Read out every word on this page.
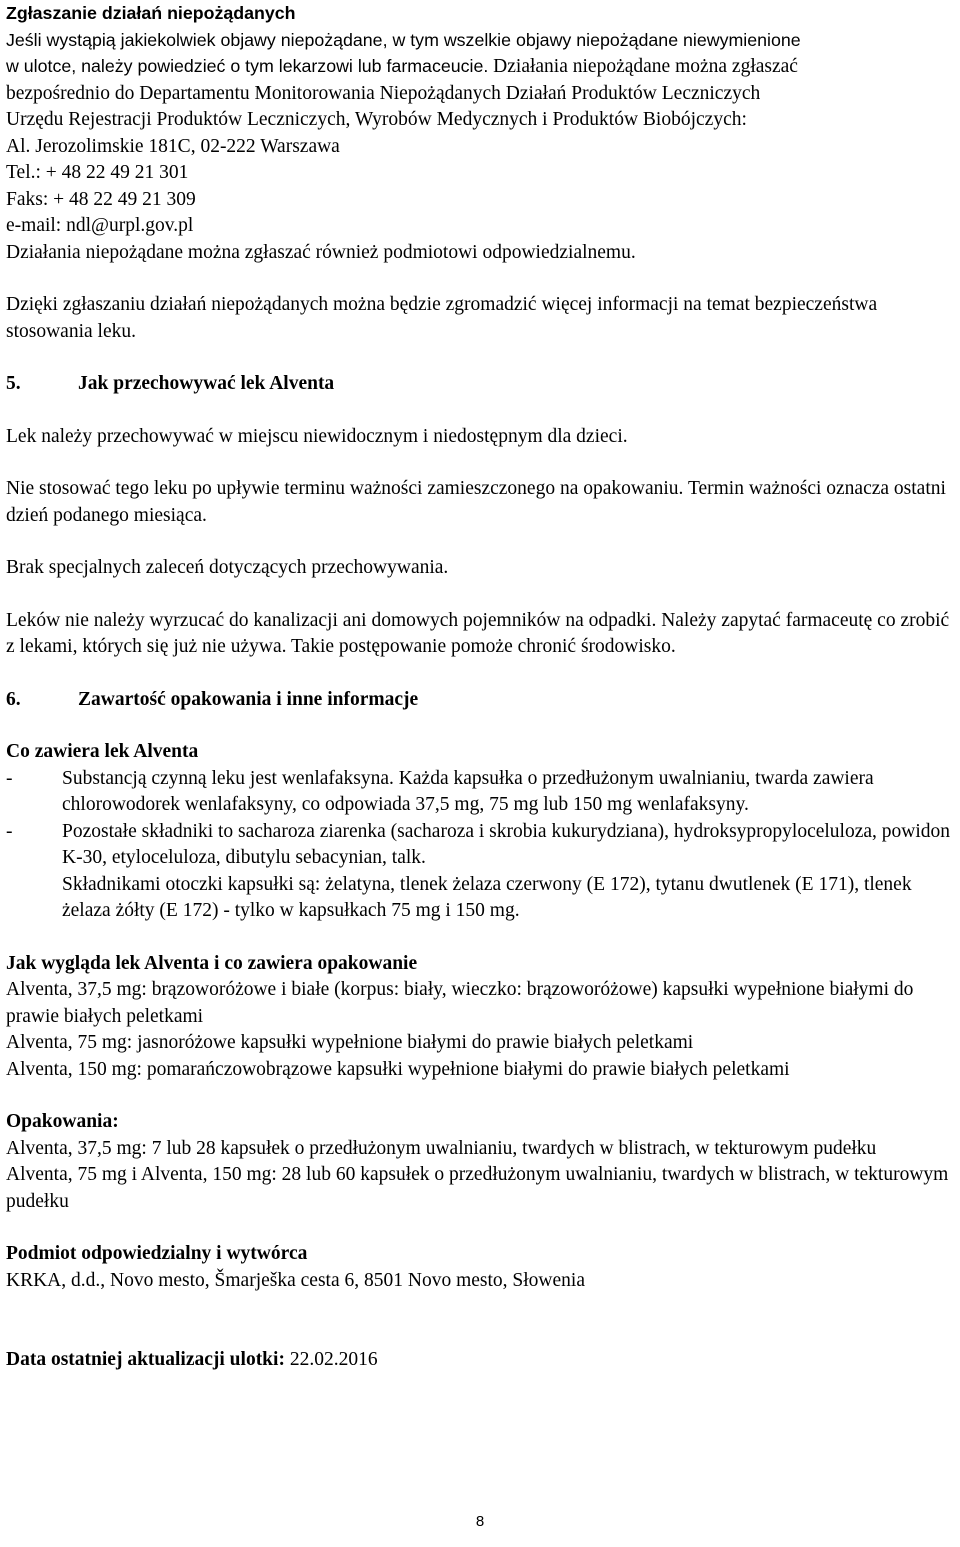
Zgłaszanie działań niepożądanych

Jeśli wystąpią jakiekolwiek objawy niepożądane, w tym wszelkie objawy niepożądane niewymienione

w ulotce, należy powiedzieć o tym lekarzowi lub farmaceucie. Działania niepożądane można zgłaszać

bezpośrednio do Departamentu Monitorowania Niepożądanych Działań Produktów Leczniczych

Urzędu Rejestracji Produktów Leczniczych, Wyrobów Medycznych i Produktów Biobójczych:

Al. Jerozolimskie 181C, 02-222 Warszawa

Tel.: + 48 22 49 21 301

Faks: + 48 22 49 21 309

e-mail: ndl@urpl.gov.pl

Działania niepożądane można zgłaszać również podmiotowi odpowiedzialnemu.

Dzięki zgłaszaniu działań niepożądanych można będzie zgromadzić więcej informacji na temat bezpieczeństwa stosowania leku.

5.	Jak przechowywać lek Alventa

Lek należy przechowywać w miejscu niewidocznym i niedostępnym dla dzieci.

Nie stosować tego leku po upływie terminu ważności zamieszczonego na opakowaniu. Termin ważności oznacza ostatni dzień podanego miesiąca.

Brak specjalnych zaleceń dotyczących przechowywania.

Leków nie należy wyrzucać do kanalizacji ani domowych pojemników na odpadki. Należy zapytać farmaceutę co zrobić z lekami, których się już nie używa. Takie postępowanie pomoże chronić środowisko.

6.	Zawartość opakowania i inne informacje

Co zawiera lek Alventa

-	Substancją czynną leku jest wenlafaksyna. Każda kapsułka o przedłużonym uwalnianiu, twarda zawiera chlorowodorek wenlafaksyny, co odpowiada 37,5 mg, 75 mg lub 150 mg wenlafaksyny.
-	Pozostałe składniki to sacharoza ziarenka (sacharoza i skrobia kukurydziana), hydroksypropyloceluloza, powidon K-30, etyloceluloza, dibutylu sebacynian, talk.
Składnikami otoczki kapsułki są: żelatyna, tlenek żelaza czerwony (E 172), tytanu dwutlenek (E 171), tlenek żelaza żółty (E 172) - tylko w kapsułkach 75 mg i 150 mg.

Jak wygląda lek Alventa i co zawiera opakowanie

Alventa, 37,5 mg: brązoworóżowe i białe (korpus: biały, wieczko: brązoworóżowe) kapsułki wypełnione białymi do prawie białych peletkami

Alventa, 75 mg: jasnoróżowe kapsułki wypełnione białymi do prawie białych peletkami

Alventa, 150 mg: pomarańczowobrązowe kapsułki wypełnione białymi do prawie białych peletkami

Opakowania:

Alventa, 37,5 mg: 7 lub 28 kapsułek o przedłużonym uwalnianiu, twardych w blistrach, w tekturowym pudełku

Alventa, 75 mg i Alventa, 150 mg: 28 lub 60 kapsułek o przedłużonym uwalnianiu, twardych w blistrach, w tekturowym pudełku

Podmiot odpowiedzialny i wytwórca

KRKA, d.d., Novo mesto, Šmarješka cesta 6, 8501 Novo mesto, Słowenia

Data ostatniej aktualizacji ulotki: 22.02.2016

8
